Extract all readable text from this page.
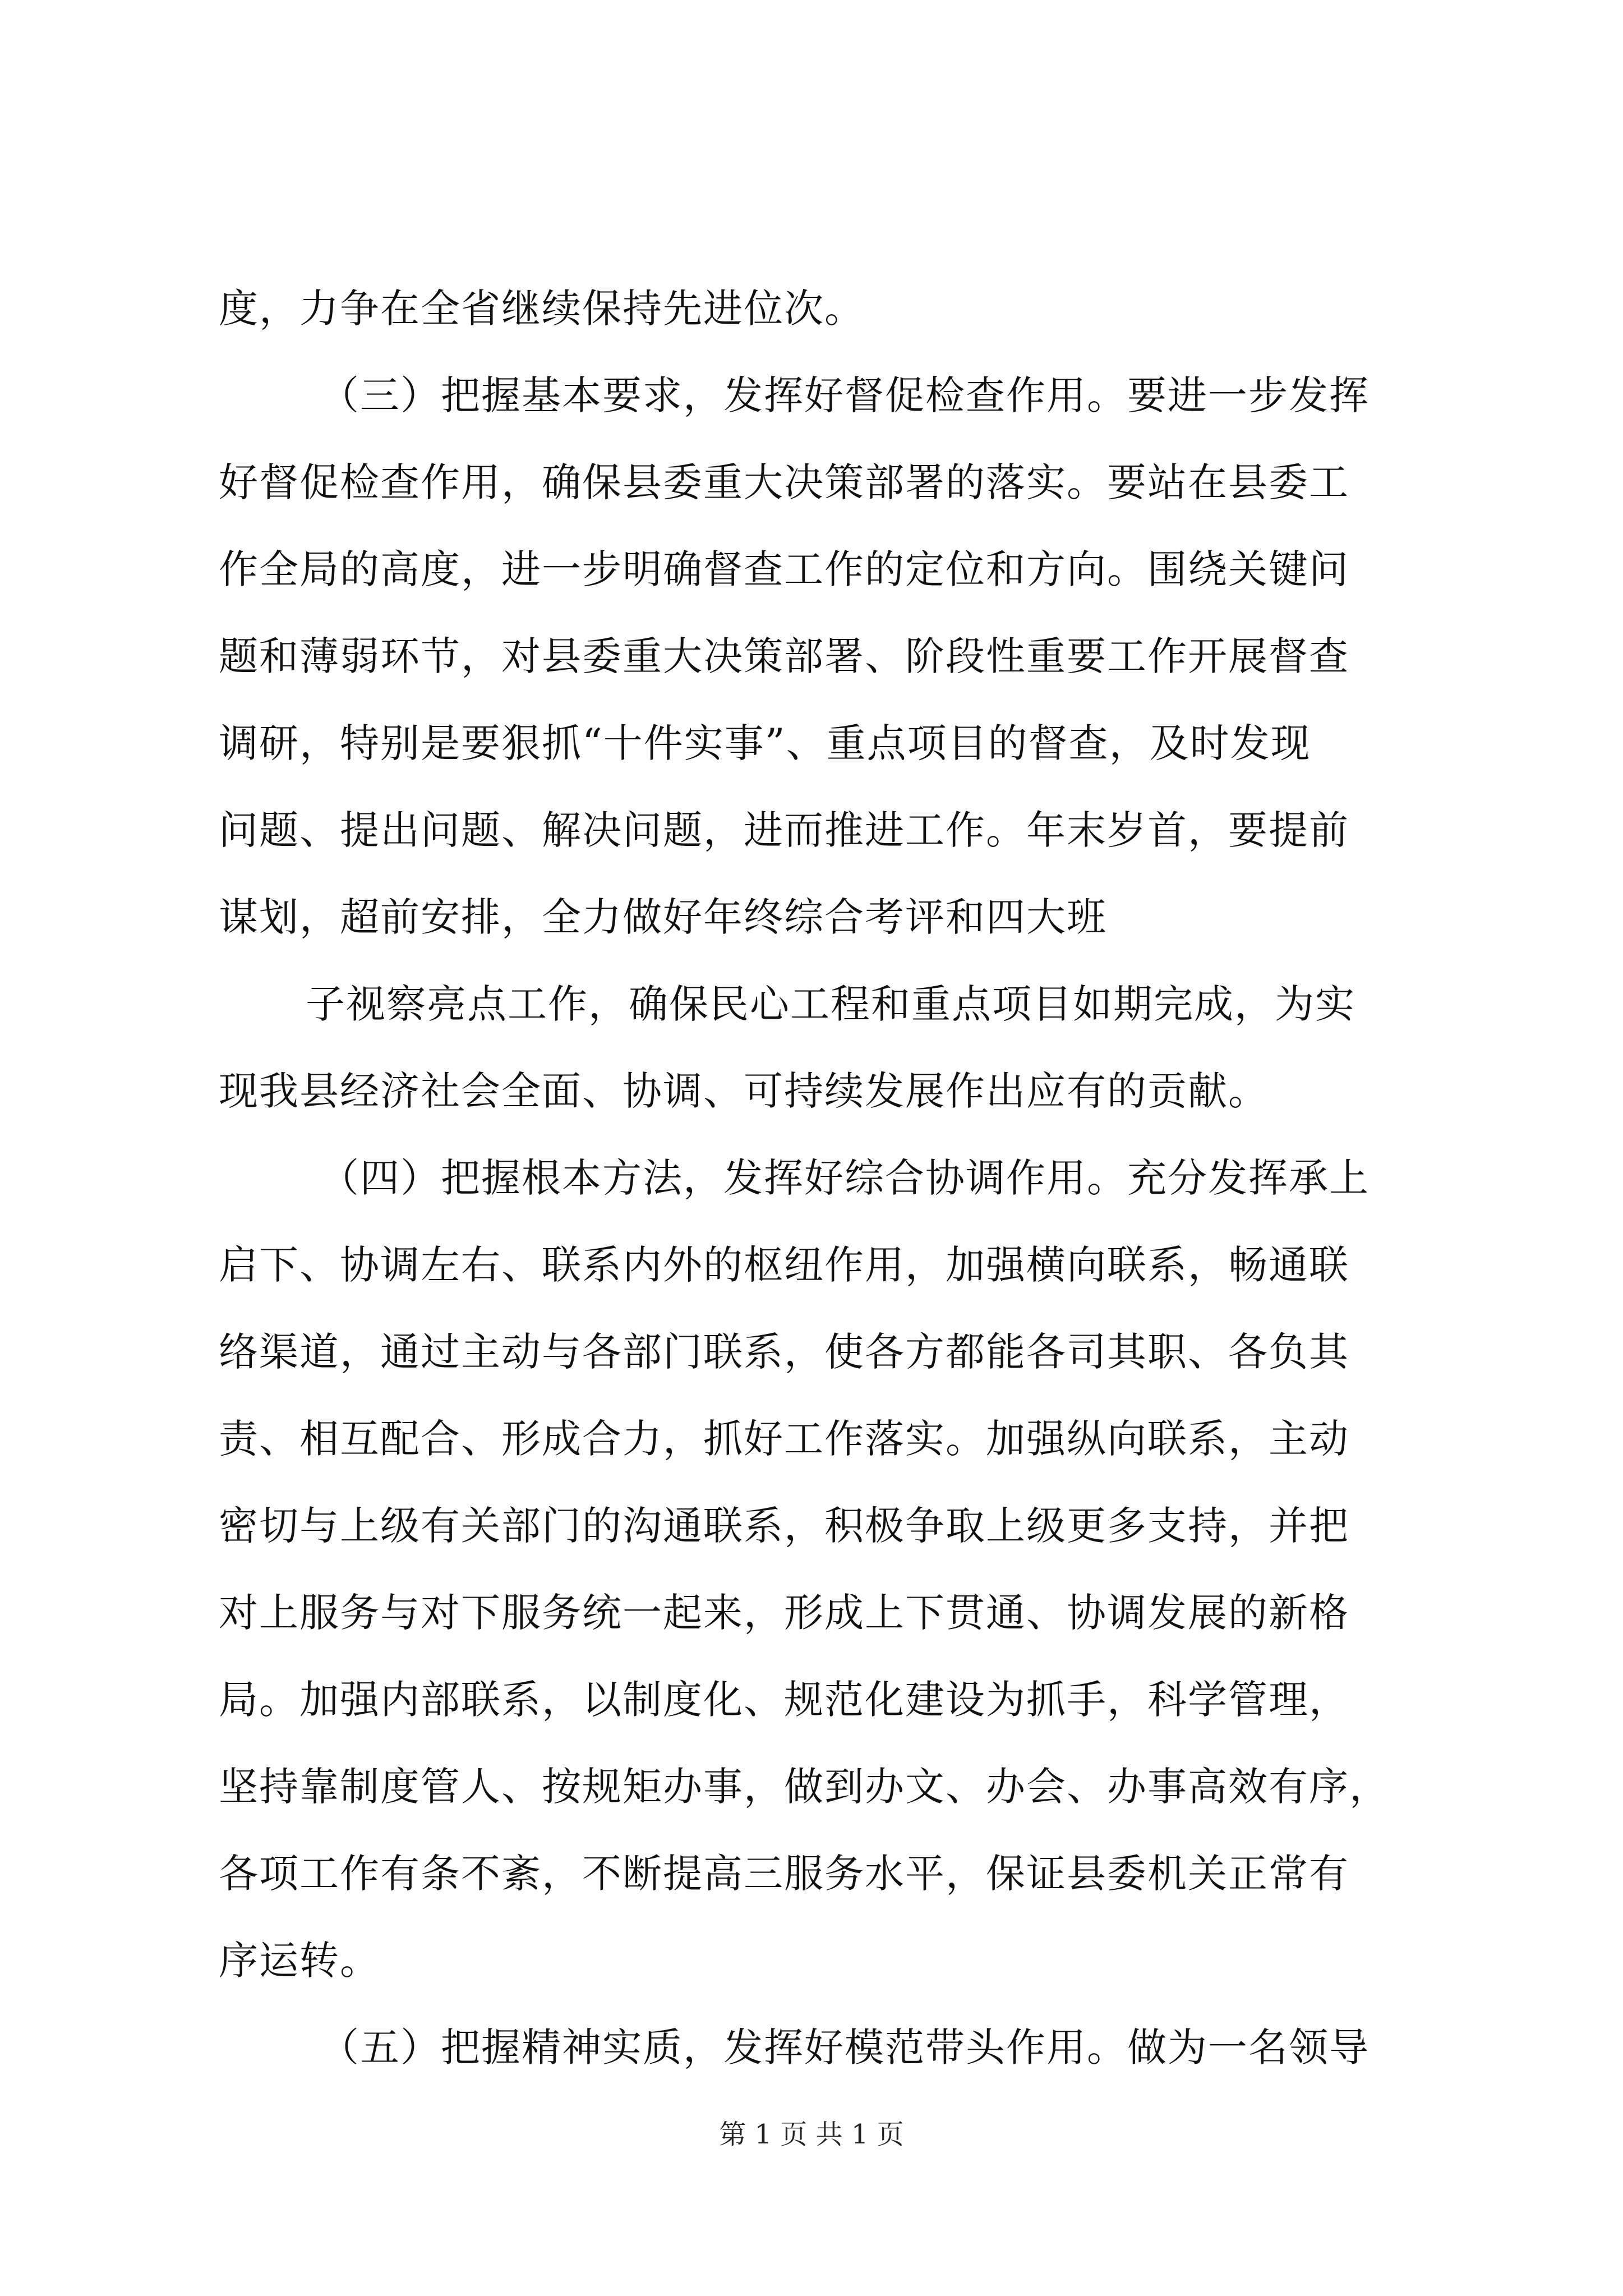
度，力争在全省继续保持先进位次。
（三）把握基本要求，发挥好督促检查作用。要进一步发挥
好督促检查作用，确保县委重大决策部署的落实。要站在县委工
作全局的高度，进一步明确督查工作的定位和方向。围绕关键问
题和薄弱环节，对县委重大决策部署、阶段性重要工作开展督查
调研，特别是要狠抓“十件实事”、重点项目的督查，及时发现
问题、提出问题、解决问题，进而推进工作。年末岁首，要提前
谋划，超前安排，全力做好年终综合考评和四大班
子视察亮点工作，确保民心工程和重点项目如期完成，为实
现我县经济社会全面、协调、可持续发展作出应有的贡献。
（四）把握根本方法，发挥好综合协调作用。充分发挥承上
启下、协调左右、联系内外的枢纽作用，加强横向联系，畅通联
络渠道，通过主动与各部门联系，使各方都能各司其职、各负其
责、相互配合、形成合力，抓好工作落实。加强纵向联系，主动
密切与上级有关部门的沟通联系，积极争取上级更多支持，并把
对上服务与对下服务统一起来，形成上下贯通、协调发展的新格
局。加强内部联系，以制度化、规范化建设为抓手，科学管理，
坚持靠制度管人、按规矩办事，做到办文、办会、办事高效有序，
各项工作有条不紊，不断提高三服务水平，保证县委机关正常有
序运转。
（五）把握精神实质，发挥好模范带头作用。做为一名领导
第 1 页 共 1 页
